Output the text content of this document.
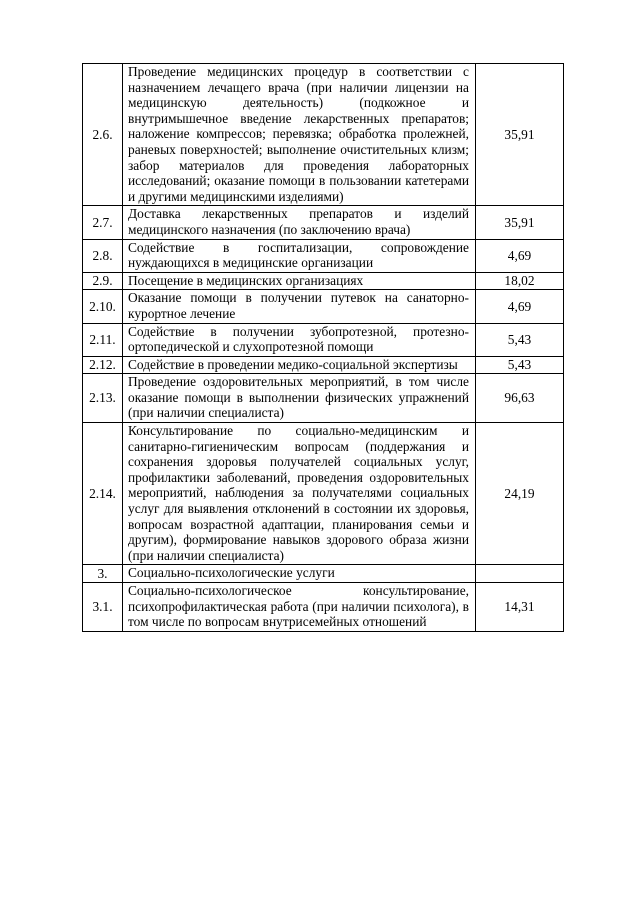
2.6.	Проведение медицинских процедур в соответствии с назначением лечащего врача (при наличии лицензии на медицинскую деятельность) (подкожное и внутримышечное введение лекарственных препаратов; наложение компрессов; перевязка; обработка пролежней, раневых поверхностей; выполнение очистительных клизм; забор материалов для проведения лабораторных исследований; оказание помощи в пользовании катетерами и другими медицинскими изделиями)	35,91
2.7.	Доставка лекарственных препаратов и изделий медицинского назначения (по заключению врача)	35,91
2.8.	Содействие в госпитализации, сопровождение нуждающихся в медицинские организации	4,69
2.9.	Посещение в медицинских организациях	18,02
2.10.	Оказание помощи в получении путевок на санаторно-курортное лечение	4,69
2.11.	Содействие в получении зубопротезной, протезно-ортопедической и слухопротезной помощи	5,43
2.12.	Содействие в проведении медико-социальной экспертизы	5,43
2.13.	Проведение оздоровительных мероприятий, в том числе оказание помощи в выполнении физических упражнений (при наличии специалиста)	96,63
2.14.	Консультирование по социально-медицинским и санитарно-гигиеническим вопросам (поддержания и сохранения здоровья получателей социальных услуг, профилактики заболеваний, проведения оздоровительных мероприятий, наблюдения за получателями социальных услуг для выявления отклонений в состоянии их здоровья, вопросам возрастной адаптации, планирования семьи и другим), формирование навыков здорового образа жизни (при наличии специалиста)	24,19
3.	Социально-психологические услуги	
3.1.	Социально-психологическое консультирование, психопрофилактическая работа (при наличии психолога), в том числе по вопросам внутрисемейных отношений	14,31
